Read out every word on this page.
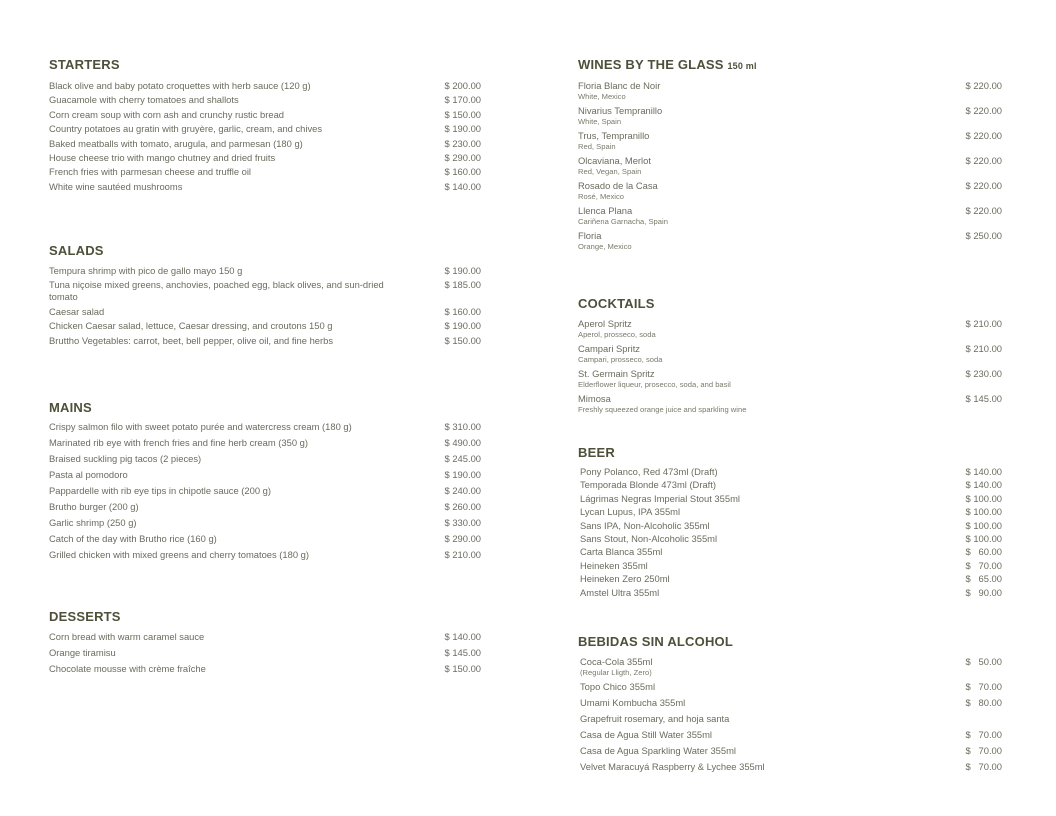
STARTERS
Black olive and baby potato croquettes with herb sauce (120 g)	$ 200.00
Guacamole with cherry tomatoes and shallots	$ 170.00
Corn cream soup with corn ash and crunchy rustic bread	$ 150.00
Country potatoes au gratin with gruyère, garlic, cream, and chives	$ 190.00
Baked meatballs with tomato, arugula, and parmesan (180 g)	$ 230.00
House cheese trio with mango chutney and dried fruits	$ 290.00
French fries with parmesan cheese and truffle oil	$ 160.00
White wine sautéed mushrooms	$ 140.00
SALADS
Tempura shrimp with pico de gallo mayo 150 g	$ 190.00
Tuna niçoise mixed greens, anchovies, poached egg, black olives, and sun-dried tomato
$ 185.00
Caesar salad	$ 160.00
Chicken Caesar salad, lettuce, Caesar dressing, and croutons 150 g	$ 190.00
Bruttho Vegetables: carrot, beet, bell pepper, olive oil, and fine herbs	$ 150.00
MAINS
Crispy salmon filo with sweet potato purée and watercress cream (180 g)	$ 310.00
Marinated rib eye with french fries and fine herb cream (350 g)	$ 490.00
Braised suckling pig tacos (2 pieces)	$ 245.00
Pasta al pomodoro	$ 190.00
Pappardelle with rib eye tips in chipotle sauce (200 g)	$ 240.00
Brutho burger (200 g)	$ 260.00
Garlic shrimp (250 g)	$ 330.00
Catch of the day with Brutho rice (160 g)	$ 290.00
Grilled chicken with mixed greens and cherry tomatoes (180 g)	$ 210.00
DESSERTS
Corn bread with warm caramel sauce	$ 140.00
Orange tiramisu	$ 145.00
Chocolate mousse with crème fraîche	$ 150.00
WINES BY THE GLASS 150 ml
Floria Blanc de Noir
White, Mexico
$ 220.00
Nivarius Tempranillo
White, Spain
$ 220.00
Trus, Tempranillo
Red, Spain
$ 220.00
Olcaviana, Merlot
Red, Vegan, Spain
$ 220.00
Rosado de la Casa
Rosé, Mexico
$ 220.00
Llenca Plana
Cariñena Garnacha, Spain
$ 220.00
Floria
Orange, Mexico
$ 250.00
COCKTAILS
Aperol Spritz
Aperol, prosseco, soda
$ 210.00
Campari Spritz
Campari, prosseco, soda
$ 210.00
St. Germain Spritz
Elderflower liqueur, prosecco, soda, and basil
$ 230.00
Mimosa
Freshly squeezed orange juice and sparkling wine
$ 145.00
BEER
Pony Polanco, Red 473ml (Draft)	$ 140.00
Temporada Blonde 473ml (Draft)	$ 140.00
Lágrimas Negras Imperial Stout 355ml	$ 100.00
Lycan Lupus, IPA 355ml	$ 100.00
Sans IPA, Non-Alcoholic 355ml	$ 100.00
Sans Stout, Non-Alcoholic 355ml	$ 100.00
Carta Blanca 355ml	$   60.00
Heineken 355ml	$   70.00
Heineken Zero 250ml	$   65.00
Amstel Ultra 355ml	$   90.00
BEBIDAS SIN ALCOHOL
Coca-Cola 355ml
(Regular Lligth, Zero)
$   50.00
Topo Chico 355ml	$   70.00
Umami Kombucha 355ml	$   80.00
Grapefruit rosemary, and hoja santa
Casa de Agua Still Water 355ml	$   70.00
Casa de Agua Sparkling Water 355ml	$   70.00
Velvet Maracuyá Raspberry & Lychee 355ml	$   70.00
